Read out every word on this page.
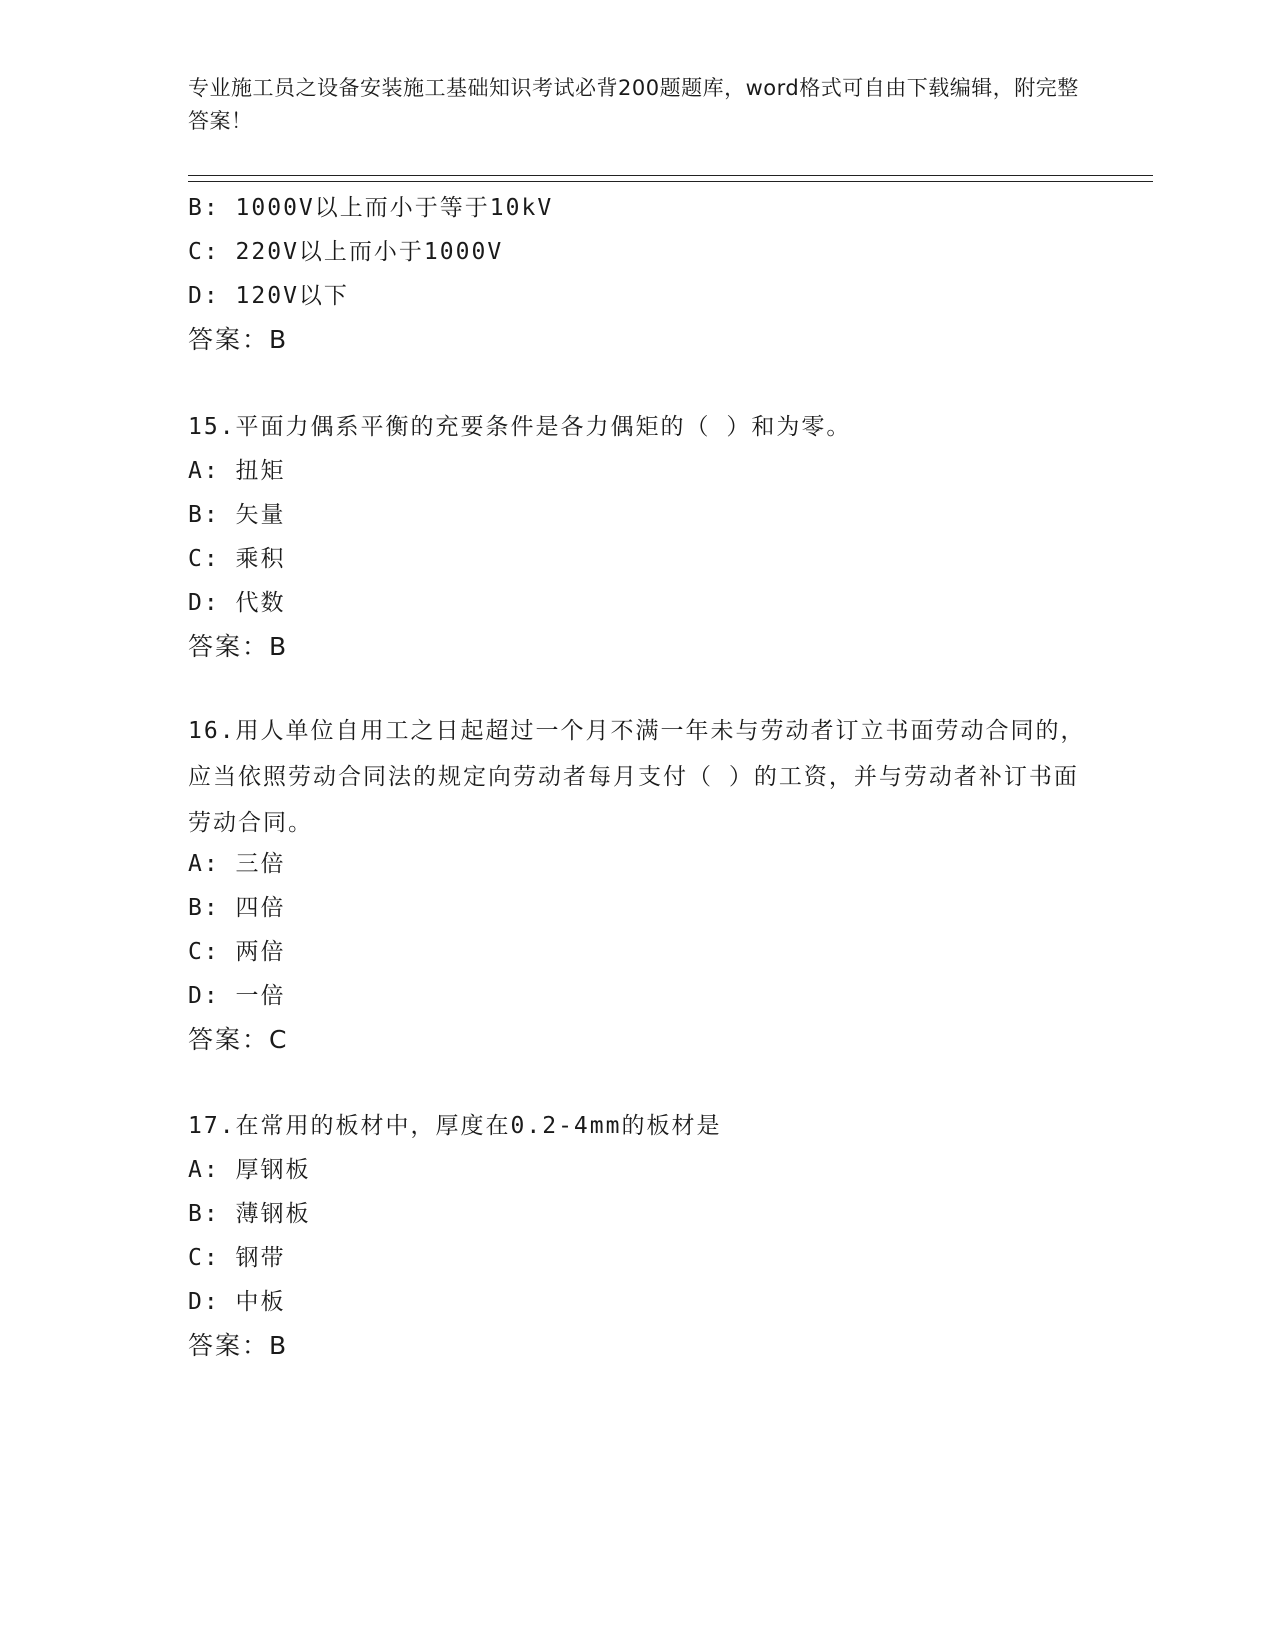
专业施工员之设备安装施工基础知识考试必背200题题库，word格式可自由下载编辑，附完整答案！
B: 1000V以上而小于等于10kV
C: 220V以上而小于1000V
D: 120V以下
答案：B
15.平面力偶系平衡的充要条件是各力偶矩的（ ）和为零。
A: 扭矩
B: 矢量
C: 乘积
D: 代数
答案：B
16.用人单位自用工之日起超过一个月不满一年未与劳动者订立书面劳动合同的，应当依照劳动合同法的规定向劳动者每月支付（ ）的工资，并与劳动者补订书面劳动合同。
A: 三倍
B: 四倍
C: 两倍
D: 一倍
答案：C
17.在常用的板材中，厚度在0.2-4mm的板材是
A: 厚钢板
B: 薄钢板
C: 钢带
D: 中板
答案：B
